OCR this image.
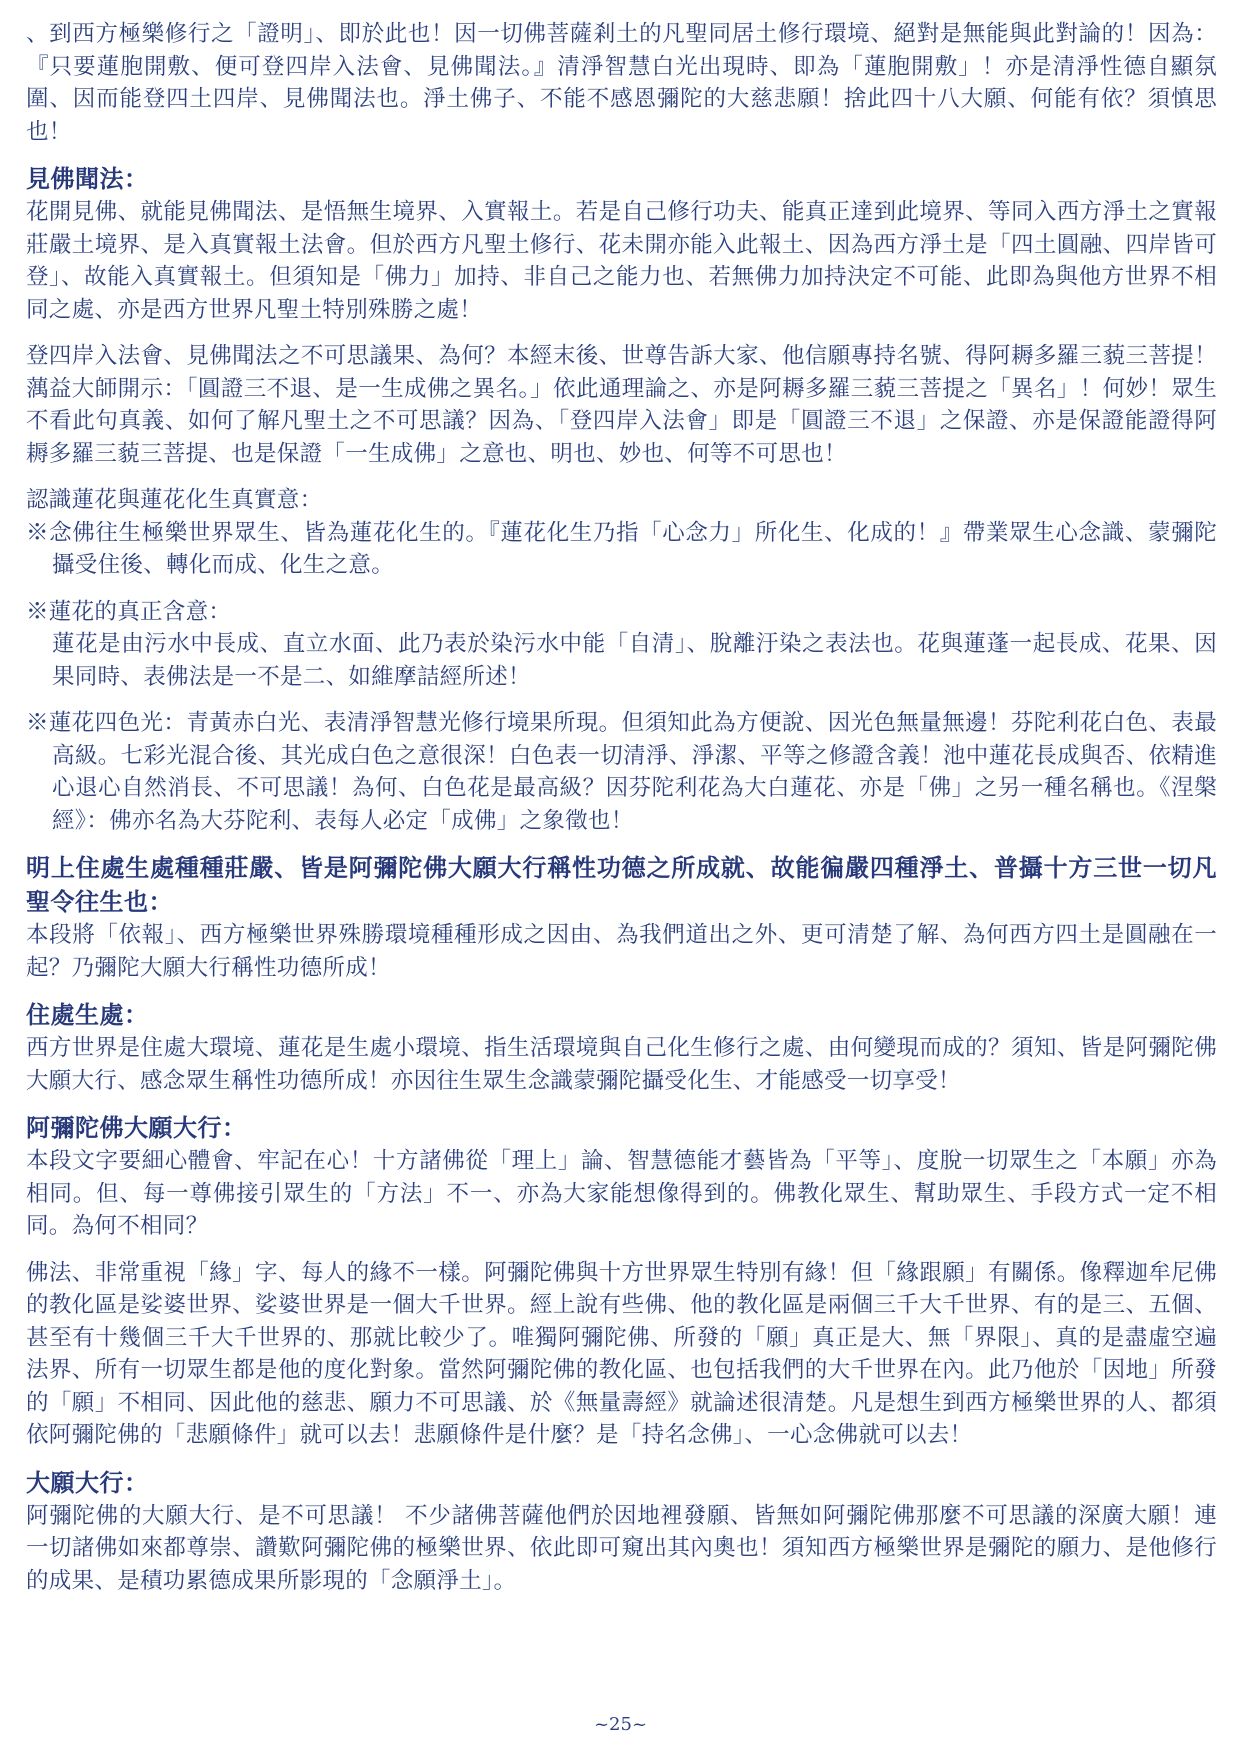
、到西方極樂修行之「證明」、即於此也！因一切佛菩薩剎土的凡聖同居土修行環境、絕對是無能與此對論的！因為：『只要蓮胞開敷、便可登四岸入法會、見佛聞法。』清淨智慧白光出現時、即為「蓮胞開敷」！亦是清淨性德自顯氛圍、因而能登四土四岸、見佛聞法也。淨土佛子、不能不感恩彌陀的大慈悲願！捨此四十八大願、何能有依？須慎思也！

見佛聞法：

花開見佛、就能見佛聞法、是悟無生境界、入實報土。若是自己修行功夫、能真正達到此境界、等同入西方淨土之實報莊嚴土境界、是入真實報土法會。但於西方凡聖土修行、花未開亦能入此報土、因為西方淨土是「四土圓融、四岸皆可登」、故能入真實報土。但須知是「佛力」加持、非自己之能力也、若無佛力加持決定不可能、此即為與他方世界不相同之處、亦是西方世界凡聖土特別殊勝之處！

登四岸入法會、見佛聞法之不可思議果、為何？本經末後、世尊告訴大家、他信願專持名號、得阿耨多羅三藐三菩提！蕅益大師開示：「圓證三不退、是一生成佛之異名。」依此通理論之、亦是阿耨多羅三藐三菩提之「異名」！何妙！眾生不看此句真義、如何了解凡聖土之不可思議？因為、「登四岸入法會」即是「圓證三不退」之保證、亦是保證能證得阿耨多羅三藐三菩提、也是保證「一生成佛」之意也、明也、妙也、何等不可思也！

認識蓮花與蓮花化生真實意：

※念佛往生極樂世界眾生、皆為蓮花化生的。『蓮花化生乃指「心念力」所化生、化成的！』帶業眾生心念識、蒙彌陀攝受住後、轉化而成、化生之意。

※蓮花的真正含意：

蓮花是由污水中長成、直立水面、此乃表於染污水中能「自清」、脫離汙染之表法也。花與蓮蓬一起長成、花果、因果同時、表佛法是一不是二、如維摩詰經所述！

※蓮花四色光：青黃赤白光、表清淨智慧光修行境果所現。但須知此為方便說、因光色無量無邊！芬陀利花白色、表最高級。七彩光混合後、其光成白色之意很深！白色表一切清淨、淨潔、平等之修證含義！池中蓮花長成與否、依精進心退心自然消長、不可思議！為何、白色花是最高級？因芬陀利花為大白蓮花、亦是「佛」之另一種名稱也。《涅槃經》：佛亦名為大芬陀利、表每人必定「成佛」之象徵也！

明上住處生處種種莊嚴、皆是阿彌陀佛大願大行稱性功德之所成就、故能徧嚴四種淨土、普攝十方三世一切凡聖令往生也：

本段將「依報」、西方極樂世界殊勝環境種種形成之因由、為我們道出之外、更可清楚了解、為何西方四土是圓融在一起？乃彌陀大願大行稱性功德所成！

住處生處：

西方世界是住處大環境、蓮花是生處小環境、指生活環境與自己化生修行之處、由何變現而成的？須知、皆是阿彌陀佛大願大行、感念眾生稱性功德所成！亦因往生眾生念識蒙彌陀攝受化生、才能感受一切享受！

阿彌陀佛大願大行：

本段文字要細心體會、牢記在心！十方諸佛從「理上」論、智慧德能才藝皆為「平等」、度脫一切眾生之「本願」亦為相同。但、每一尊佛接引眾生的「方法」不一、亦為大家能想像得到的。佛教化眾生、幫助眾生、手段方式一定不相同。為何不相同？

佛法、非常重視「緣」字、每人的緣不一樣。阿彌陀佛與十方世界眾生特別有緣！但「緣跟願」有關係。像釋迦牟尼佛的教化區是娑婆世界、娑婆世界是一個大千世界。經上說有些佛、他的教化區是兩個三千大千世界、有的是三、五個、甚至有十幾個三千大千世界的、那就比較少了。唯獨阿彌陀佛、所發的「願」真正是大、無「界限」、真的是盡虛空遍法界、所有一切眾生都是他的度化對象。當然阿彌陀佛的教化區、也包括我們的大千世界在內。此乃他於「因地」所發的「願」不相同、因此他的慈悲、願力不可思議、於《無量壽經》就論述很清楚。凡是想生到西方極樂世界的人、都須依阿彌陀佛的「悲願條件」就可以去！悲願條件是什麼？是「持名念佛」、一心念佛就可以去！

大願大行：

阿彌陀佛的大願大行、是不可思議！ 不少諸佛菩薩他們於因地裡發願、皆無如阿彌陀佛那麼不可思議的深廣大願！連一切諸佛如來都尊崇、讚歎阿彌陀佛的極樂世界、依此即可窺出其內奧也！須知西方極樂世界是彌陀的願力、是他修行的成果、是積功累德成果所影現的「念願淨土」。

~25~
